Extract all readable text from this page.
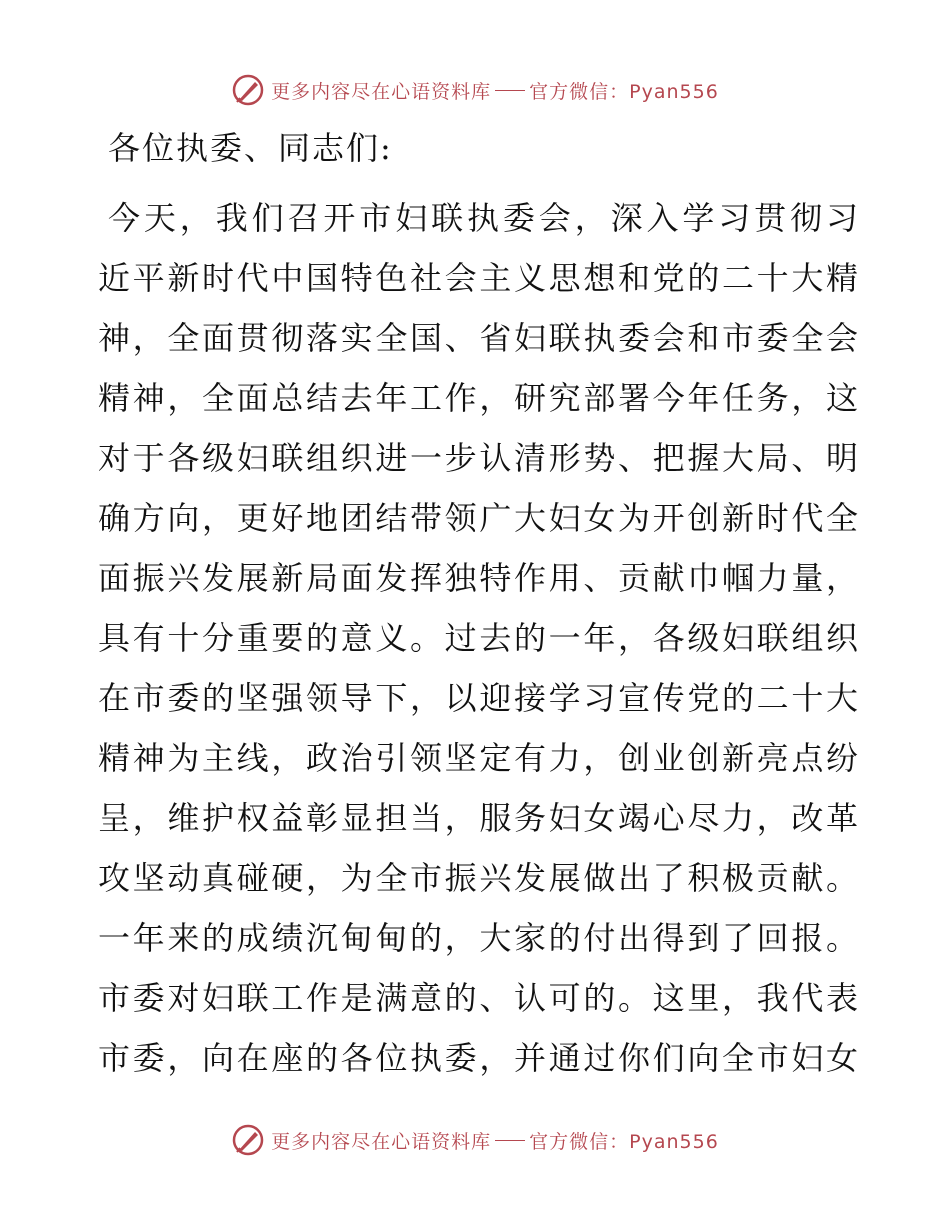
更多内容尽在心语资料库 官方微信：Pyan556

各位执委、同志们:

今天，我们召开市妇联执委会，深入学习贯彻习
近平新时代中国特色社会主义思想和党的二十大精
神，全面贯彻落实全国、省妇联执委会和市委全会
精神，全面总结去年工作，研究部署今年任务，这
对于各级妇联组织进一步认清形势、把握大局、明
确方向，更好地团结带领广大妇女为开创新时代全
面振兴发展新局面发挥独特作用、贡献巾帼力量，
具有十分重要的意义。过去的一年，各级妇联组织
在市委的坚强领导下，以迎接学习宣传党的二十大
精神为主线，政治引领坚定有力，创业创新亮点纷
呈，维护权益彰显担当，服务妇女竭心尽力，改革
攻坚动真碰硬，为全市振兴发展做出了积极贡献。
一年来的成绩沉甸甸的，大家的付出得到了回报。
市委对妇联工作是满意的、认可的。这里，我代表
市委，向在座的各位执委，并通过你们向全市妇女

更多内容尽在心语资料库 官方微信：Pyan556
